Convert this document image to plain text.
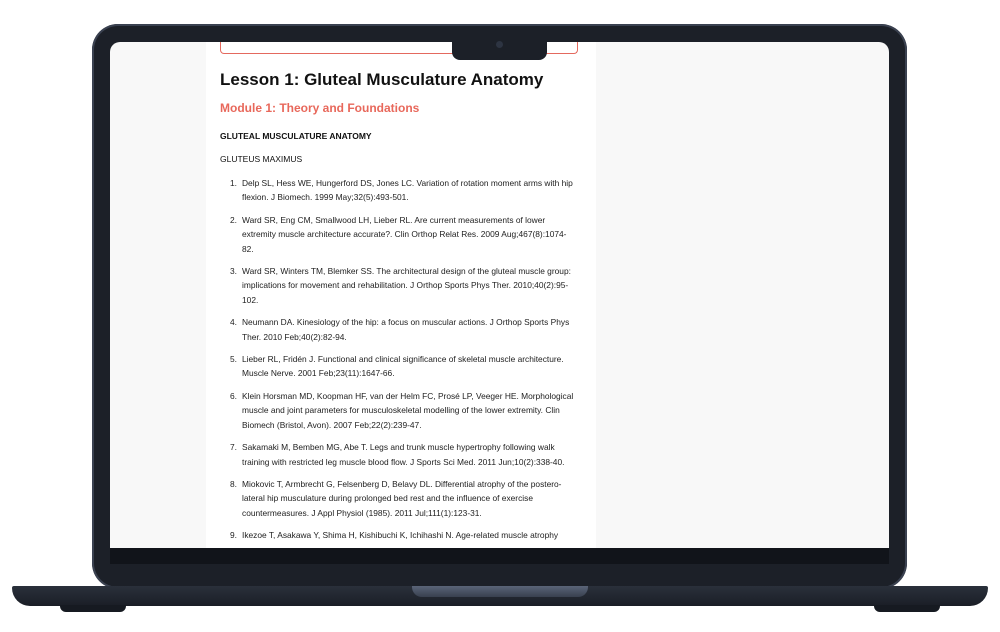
Lesson 1: Gluteal Musculature Anatomy
Module 1: Theory and Foundations
GLUTEAL MUSCULATURE ANATOMY
GLUTEUS MAXIMUS
1. Delp SL, Hess WE, Hungerford DS, Jones LC. Variation of rotation moment arms with hip flexion. J Biomech. 1999 May;32(5):493-501.
2. Ward SR, Eng CM, Smallwood LH, Lieber RL. Are current measurements of lower extremity muscle architecture accurate?. Clin Orthop Relat Res. 2009 Aug;467(8):1074-82.
3. Ward SR, Winters TM, Blemker SS. The architectural design of the gluteal muscle group: implications for movement and rehabilitation. J Orthop Sports Phys Ther. 2010;40(2):95-102.
4. Neumann DA. Kinesiology of the hip: a focus on muscular actions. J Orthop Sports Phys Ther. 2010 Feb;40(2):82-94.
5. Lieber RL, Fridén J. Functional and clinical significance of skeletal muscle architecture. Muscle Nerve. 2001 Feb;23(11):1647-66.
6. Klein Horsman MD, Koopman HF, van der Helm FC, Prosé LP, Veeger HE. Morphological muscle and joint parameters for musculoskeletal modelling of the lower extremity. Clin Biomech (Bristol, Avon). 2007 Feb;22(2):239-47.
7. Sakamaki M, Bemben MG, Abe T. Legs and trunk muscle hypertrophy following walk training with restricted leg muscle blood flow. J Sports Sci Med. 2011 Jun;10(2):338-40.
8. Miokovic T, Armbrecht G, Felsenberg D, Belavy DL. Differential atrophy of the postero-lateral hip musculature during prolonged bed rest and the influence of exercise countermeasures. J Appl Physiol (1985). 2011 Jul;111(1):123-31.
9. Ikezoe T, Asakawa Y, Shima H, Kishibuchi K, Ichihashi N. Age-related muscle atrophy
